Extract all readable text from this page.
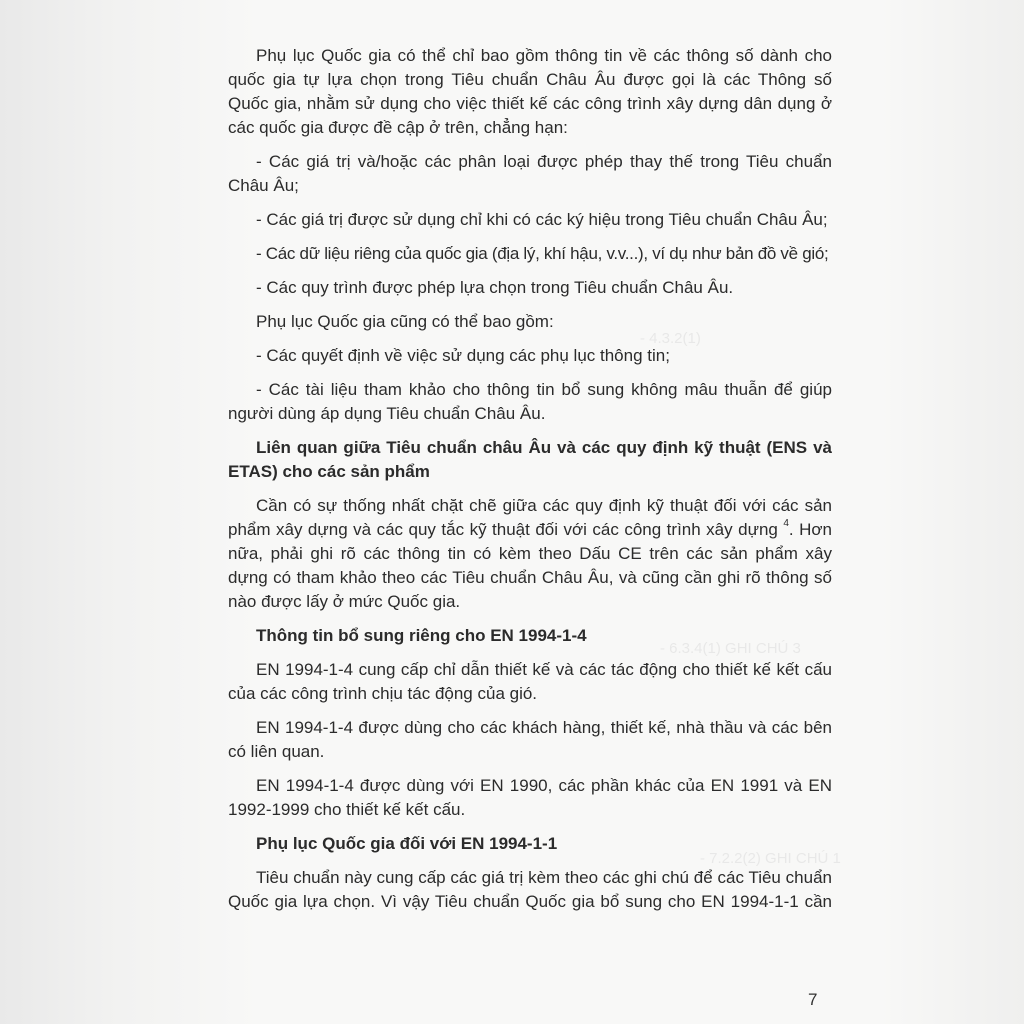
- 4.3.2(1)
- 6.3.4(1) GHI CHÚ 3
- 7.2.2(2) GHI CHÚ 1
Phụ lục Quốc gia có thể chỉ bao gồm thông tin về các thông số dành cho
quốc gia tự lựa chọn trong Tiêu chuẩn Châu Âu được gọi là các Thông số
Quốc gia, nhằm sử dụng cho việc thiết kế các công trình xây dựng dân dụng ở
các quốc gia được đề cập ở trên, chẳng hạn:
- Các giá trị và/hoặc các phân loại được phép thay thế trong Tiêu chuẩn
Châu Âu;
- Các giá trị được sử dụng chỉ khi có các ký hiệu trong Tiêu chuẩn Châu Âu;
- Các dữ liệu riêng của quốc gia (địa lý, khí hậu, v.v...), ví dụ như bản đồ về gió;
- Các quy trình được phép lựa chọn trong Tiêu chuẩn Châu Âu.
Phụ lục Quốc gia cũng có thể bao gồm:
- Các quyết định về việc sử dụng các phụ lục thông tin;
- Các tài liệu tham khảo cho thông tin bổ sung không mâu thuẫn để giúp
người dùng áp dụng Tiêu chuẩn Châu Âu.
Liên quan giữa Tiêu chuẩn châu Âu và các quy định kỹ thuật (ENS và
ETAS) cho các sản phẩm
Cần có sự thống nhất chặt chẽ giữa các quy định kỹ thuật đối với các sản
phẩm xây dựng và các quy tắc kỹ thuật đối với các công trình xây dựng $^4$. Hơn
nữa, phải ghi rõ các thông tin có kèm theo Dấu CE trên các sản phẩm xây
dựng có tham khảo theo các Tiêu chuẩn Châu Âu, và cũng cần ghi rõ thông số
nào được lấy ở mức Quốc gia.
Thông tin bổ sung riêng cho EN 1994-1-4
EN 1994-1-4 cung cấp chỉ dẫn thiết kế và các tác động cho thiết kế kết cấu
của các công trình chịu tác động của gió.
EN 1994-1-4 được dùng cho các khách hàng, thiết kế, nhà thầu và các bên
có liên quan.
EN 1994-1-4 được dùng với EN 1990, các phần khác của EN 1991 và EN
1992-1999 cho thiết kế kết cấu.
Phụ lục Quốc gia đối với EN 1994-1-1
Tiêu chuẩn này cung cấp các giá trị kèm theo các ghi chú để các Tiêu chuẩn
Quốc gia lựa chọn. Vì vậy Tiêu chuẩn Quốc gia bổ sung cho EN 1994-1-1 cần
7
